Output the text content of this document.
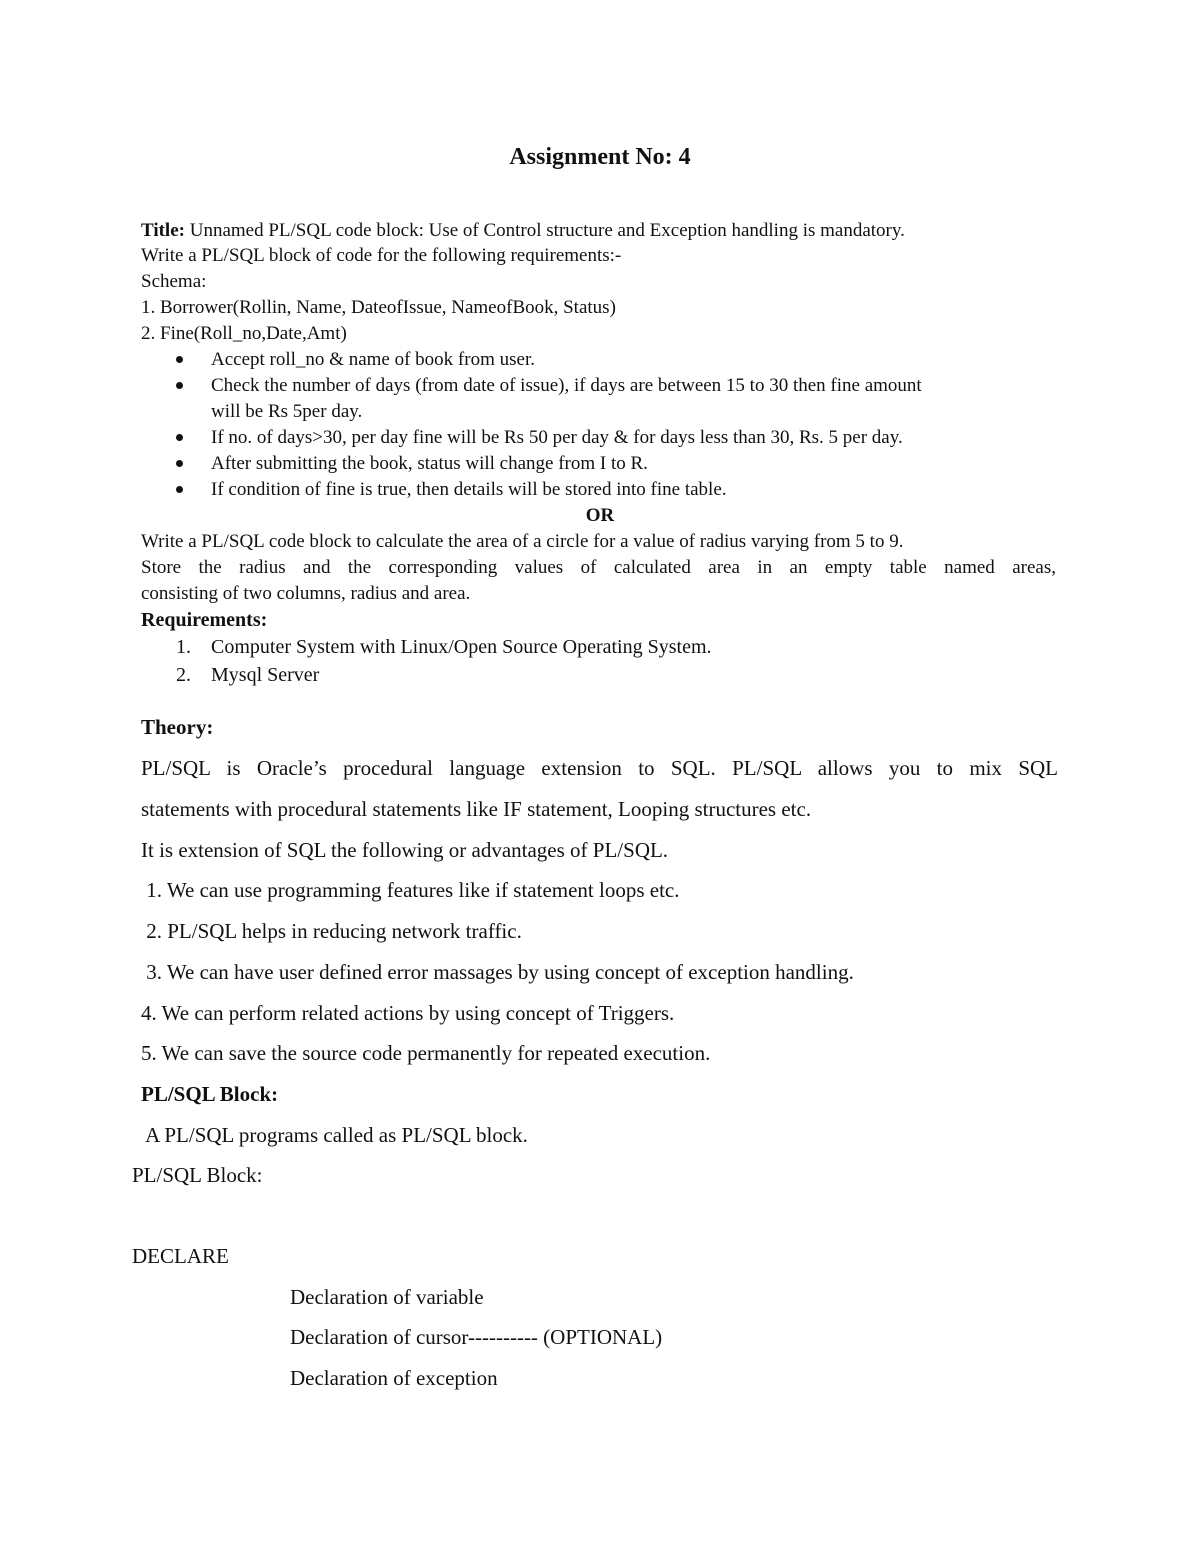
Assignment No: 4
Title: Unnamed PL/SQL code block: Use of Control structure and Exception handling is mandatory.
Write a PL/SQL block of code for the following requirements:-
Schema:
1. Borrower(Rollin, Name, DateofIssue, NameofBook, Status)
2. Fine(Roll_no,Date,Amt)
Accept roll_no & name of book from user.
Check the number of days (from date of issue), if days are between 15 to 30 then fine amount
will be Rs 5per day.
If no. of days>30, per day fine will be Rs 50 per day & for days less than 30, Rs. 5 per day.
After submitting the book, status will change from I to R.
If condition of fine is true, then details will be stored into fine table.
OR
Write a PL/SQL code block to calculate the area of a circle for a value of radius varying from 5 to 9.
Store the radius and the corresponding values of calculated area in an empty table named areas,
consisting of two columns, radius and area.
Requirements:
1. Computer System with Linux/Open Source Operating System.
2. Mysql Server
Theory:
PL/SQL is Oracle’s procedural language extension to SQL. PL/SQL allows you to mix SQL
statements with procedural statements like IF statement, Looping structures etc.
It is extension of SQL the following or advantages of PL/SQL.
1. We can use programming features like if statement loops etc.
2. PL/SQL helps in reducing network traffic.
3. We can have user defined error massages by using concept of exception handling.
4. We can perform related actions by using concept of Triggers.
5. We can save the source code permanently for repeated execution.
PL/SQL Block:
A PL/SQL programs called as PL/SQL block.
PL/SQL Block:
DECLARE
Declaration of variable
Declaration of cursor---------- (OPTIONAL)
Declaration of exception
